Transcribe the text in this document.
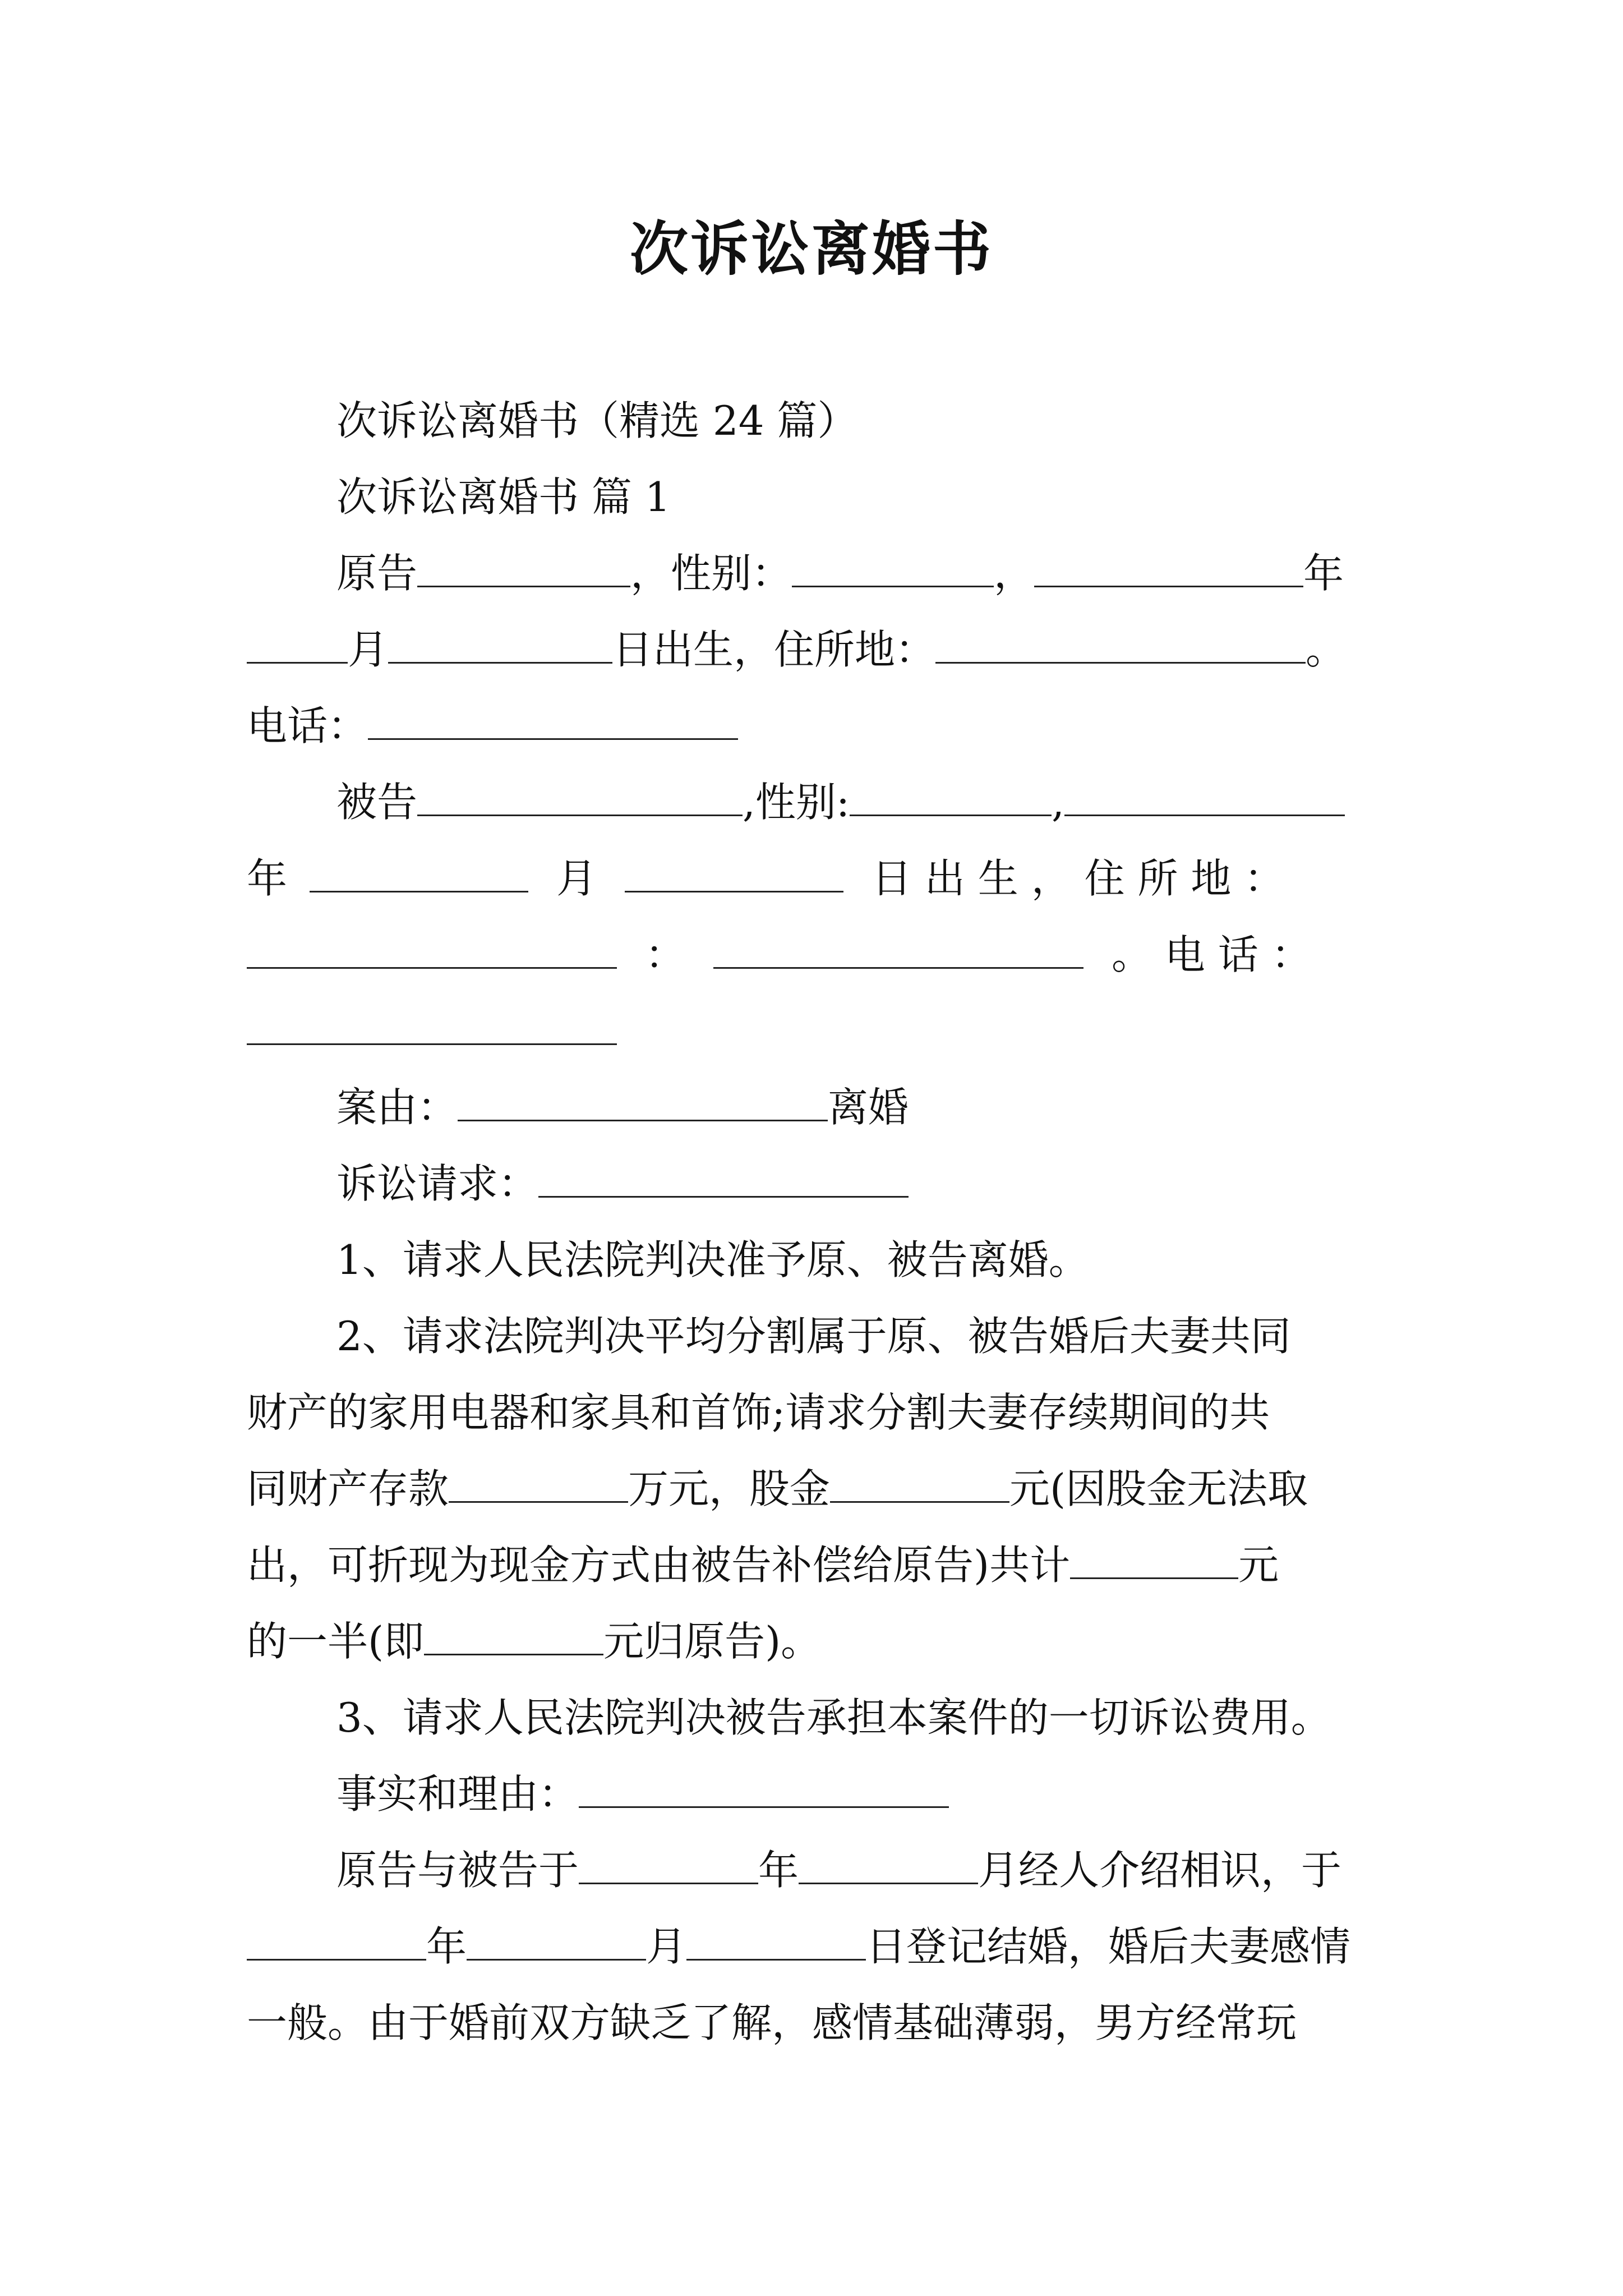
次诉讼离婚书
次诉讼离婚书（精选 24 篇）
次诉讼离婚书 篇 1
原告	，性别：	，	年
月	日出生，住所地：	。
电话：
被告	,性别:	,
年	月	日 出 生 ， 住 所 地 ：
：	。 电 话 ：
案由：	离婚
诉讼请求：
1、请求人民法院判决准予原、被告离婚。
2、请求法院判决平均分割属于原、被告婚后夫妻共同
财产的家用电器和家具和首饰;请求分割夫妻存续期间的共
同财产存款	万元，股金	元(因股金无法取
出，可折现为现金方式由被告补偿给原告)共计	元
的一半(即	元归原告)。
3、请求人民法院判决被告承担本案件的一切诉讼费用。
事实和理由：
原告与被告于	年	月经人介绍相识，于
年	月	日登记结婚，婚后夫妻感情
一般。由于婚前双方缺乏了解，感情基础薄弱，男方经常玩
